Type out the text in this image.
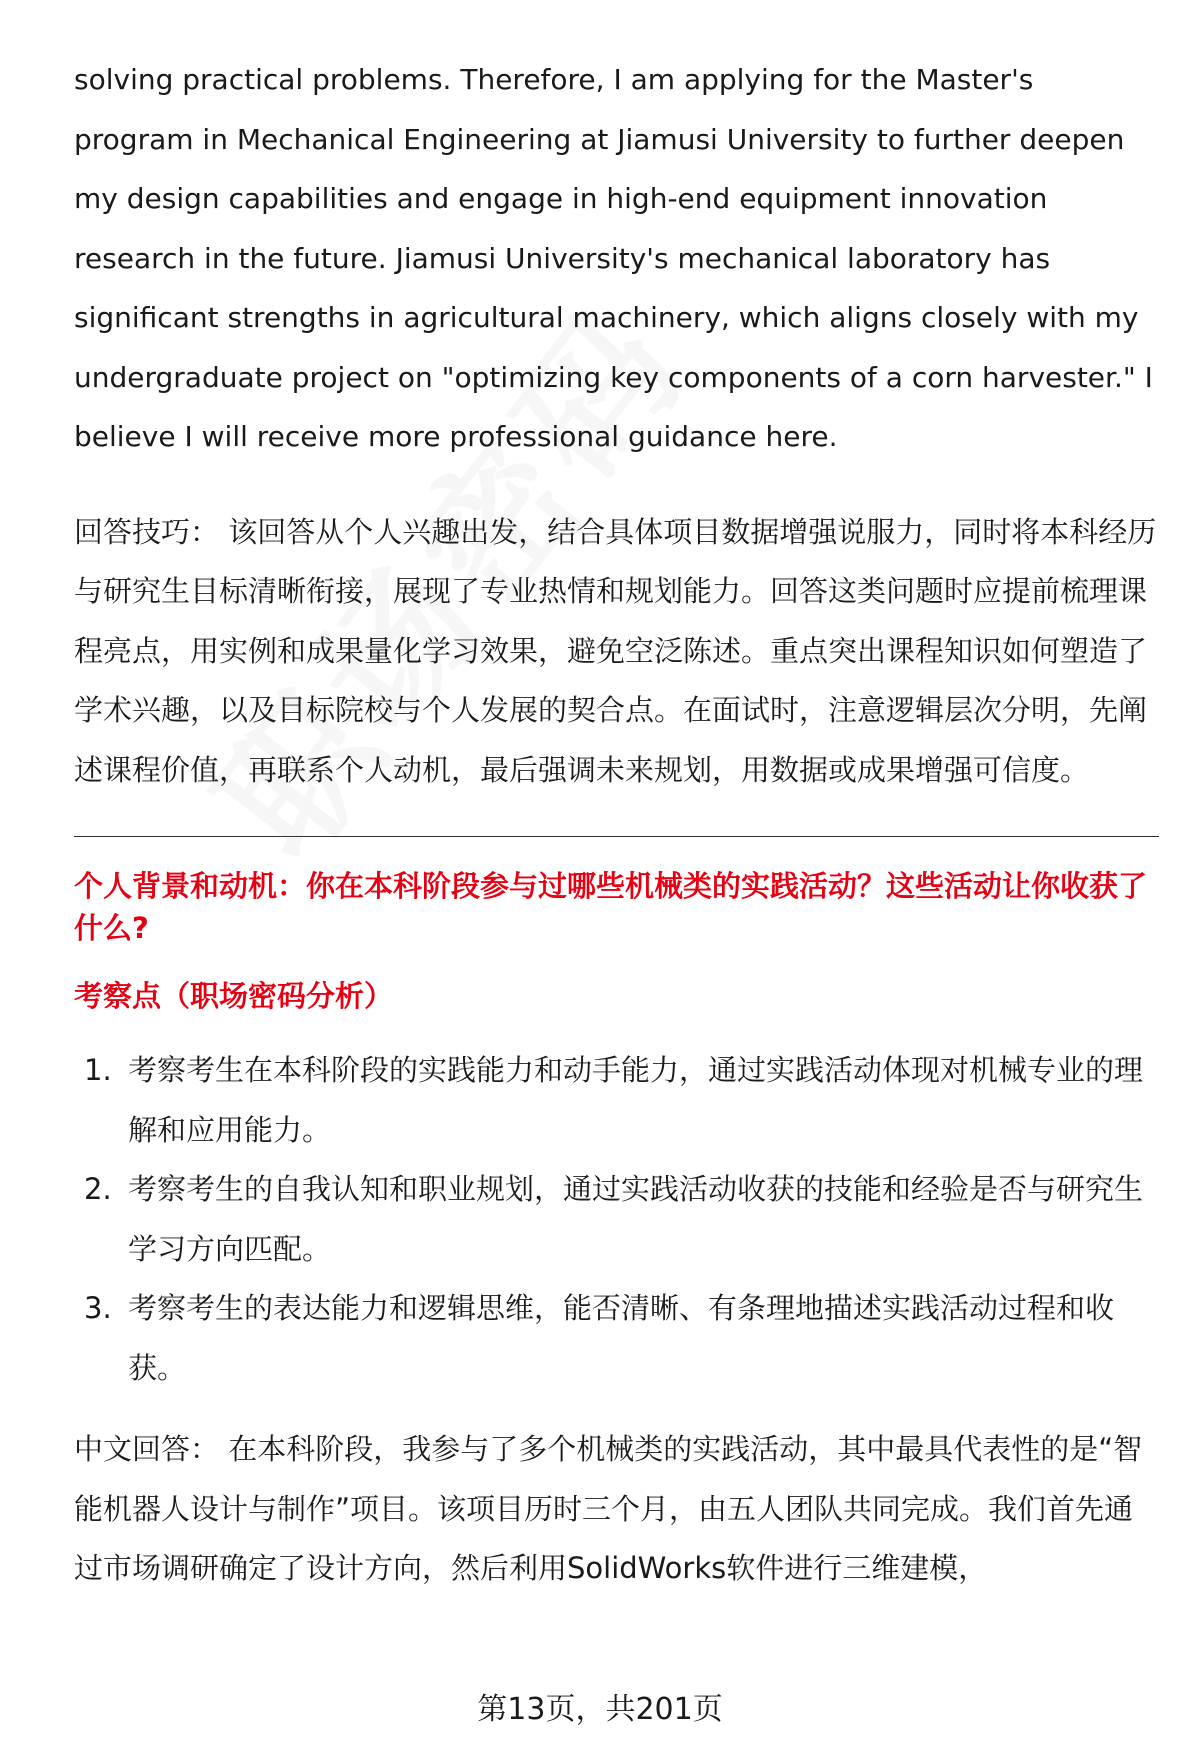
solving practical problems. Therefore, I am applying for the Master's program in Mechanical Engineering at Jiamusi University to further deepen my design capabilities and engage in high-end equipment innovation research in the future. Jiamusi University's mechanical laboratory has significant strengths in agricultural machinery, which aligns closely with my undergraduate project on "optimizing key components of a corn harvester." I believe I will receive more professional guidance here.

回答技巧： 该回答从个人兴趣出发，结合具体项目数据增强说服力，同时将本科经历与研究生目标清晰衔接，展现了专业热情和规划能力。回答这类问题时应提前梳理课程亮点，用实例和成果量化学习效果，避免空泛陈述。重点突出课程知识如何塑造了学术兴趣，以及目标院校与个人发展的契合点。在面试时，注意逻辑层次分明，先阐述课程价值，再联系个人动机，最后强调未来规划，用数据或成果增强可信度。

个人背景和动机：你在本科阶段参与过哪些机械类的实践活动？这些活动让你收获了什么?

考察点（职场密码分析）

1. 考察考生在本科阶段的实践能力和动手能力，通过实践活动体现对机械专业的理解和应用能力。
2. 考察考生的自我认知和职业规划，通过实践活动收获的技能和经验是否与研究生学习方向匹配。
3. 考察考生的表达能力和逻辑思维，能否清晰、有条理地描述实践活动过程和收获。

中文回答： 在本科阶段，我参与了多个机械类的实践活动，其中最具代表性的是“智能机器人设计与制作”项目。该项目历时三个月，由五人团队共同完成。我们首先通过市场调研确定了设计方向，然后利用SolidWorks软件进行三维建模，

第13页，共201页
